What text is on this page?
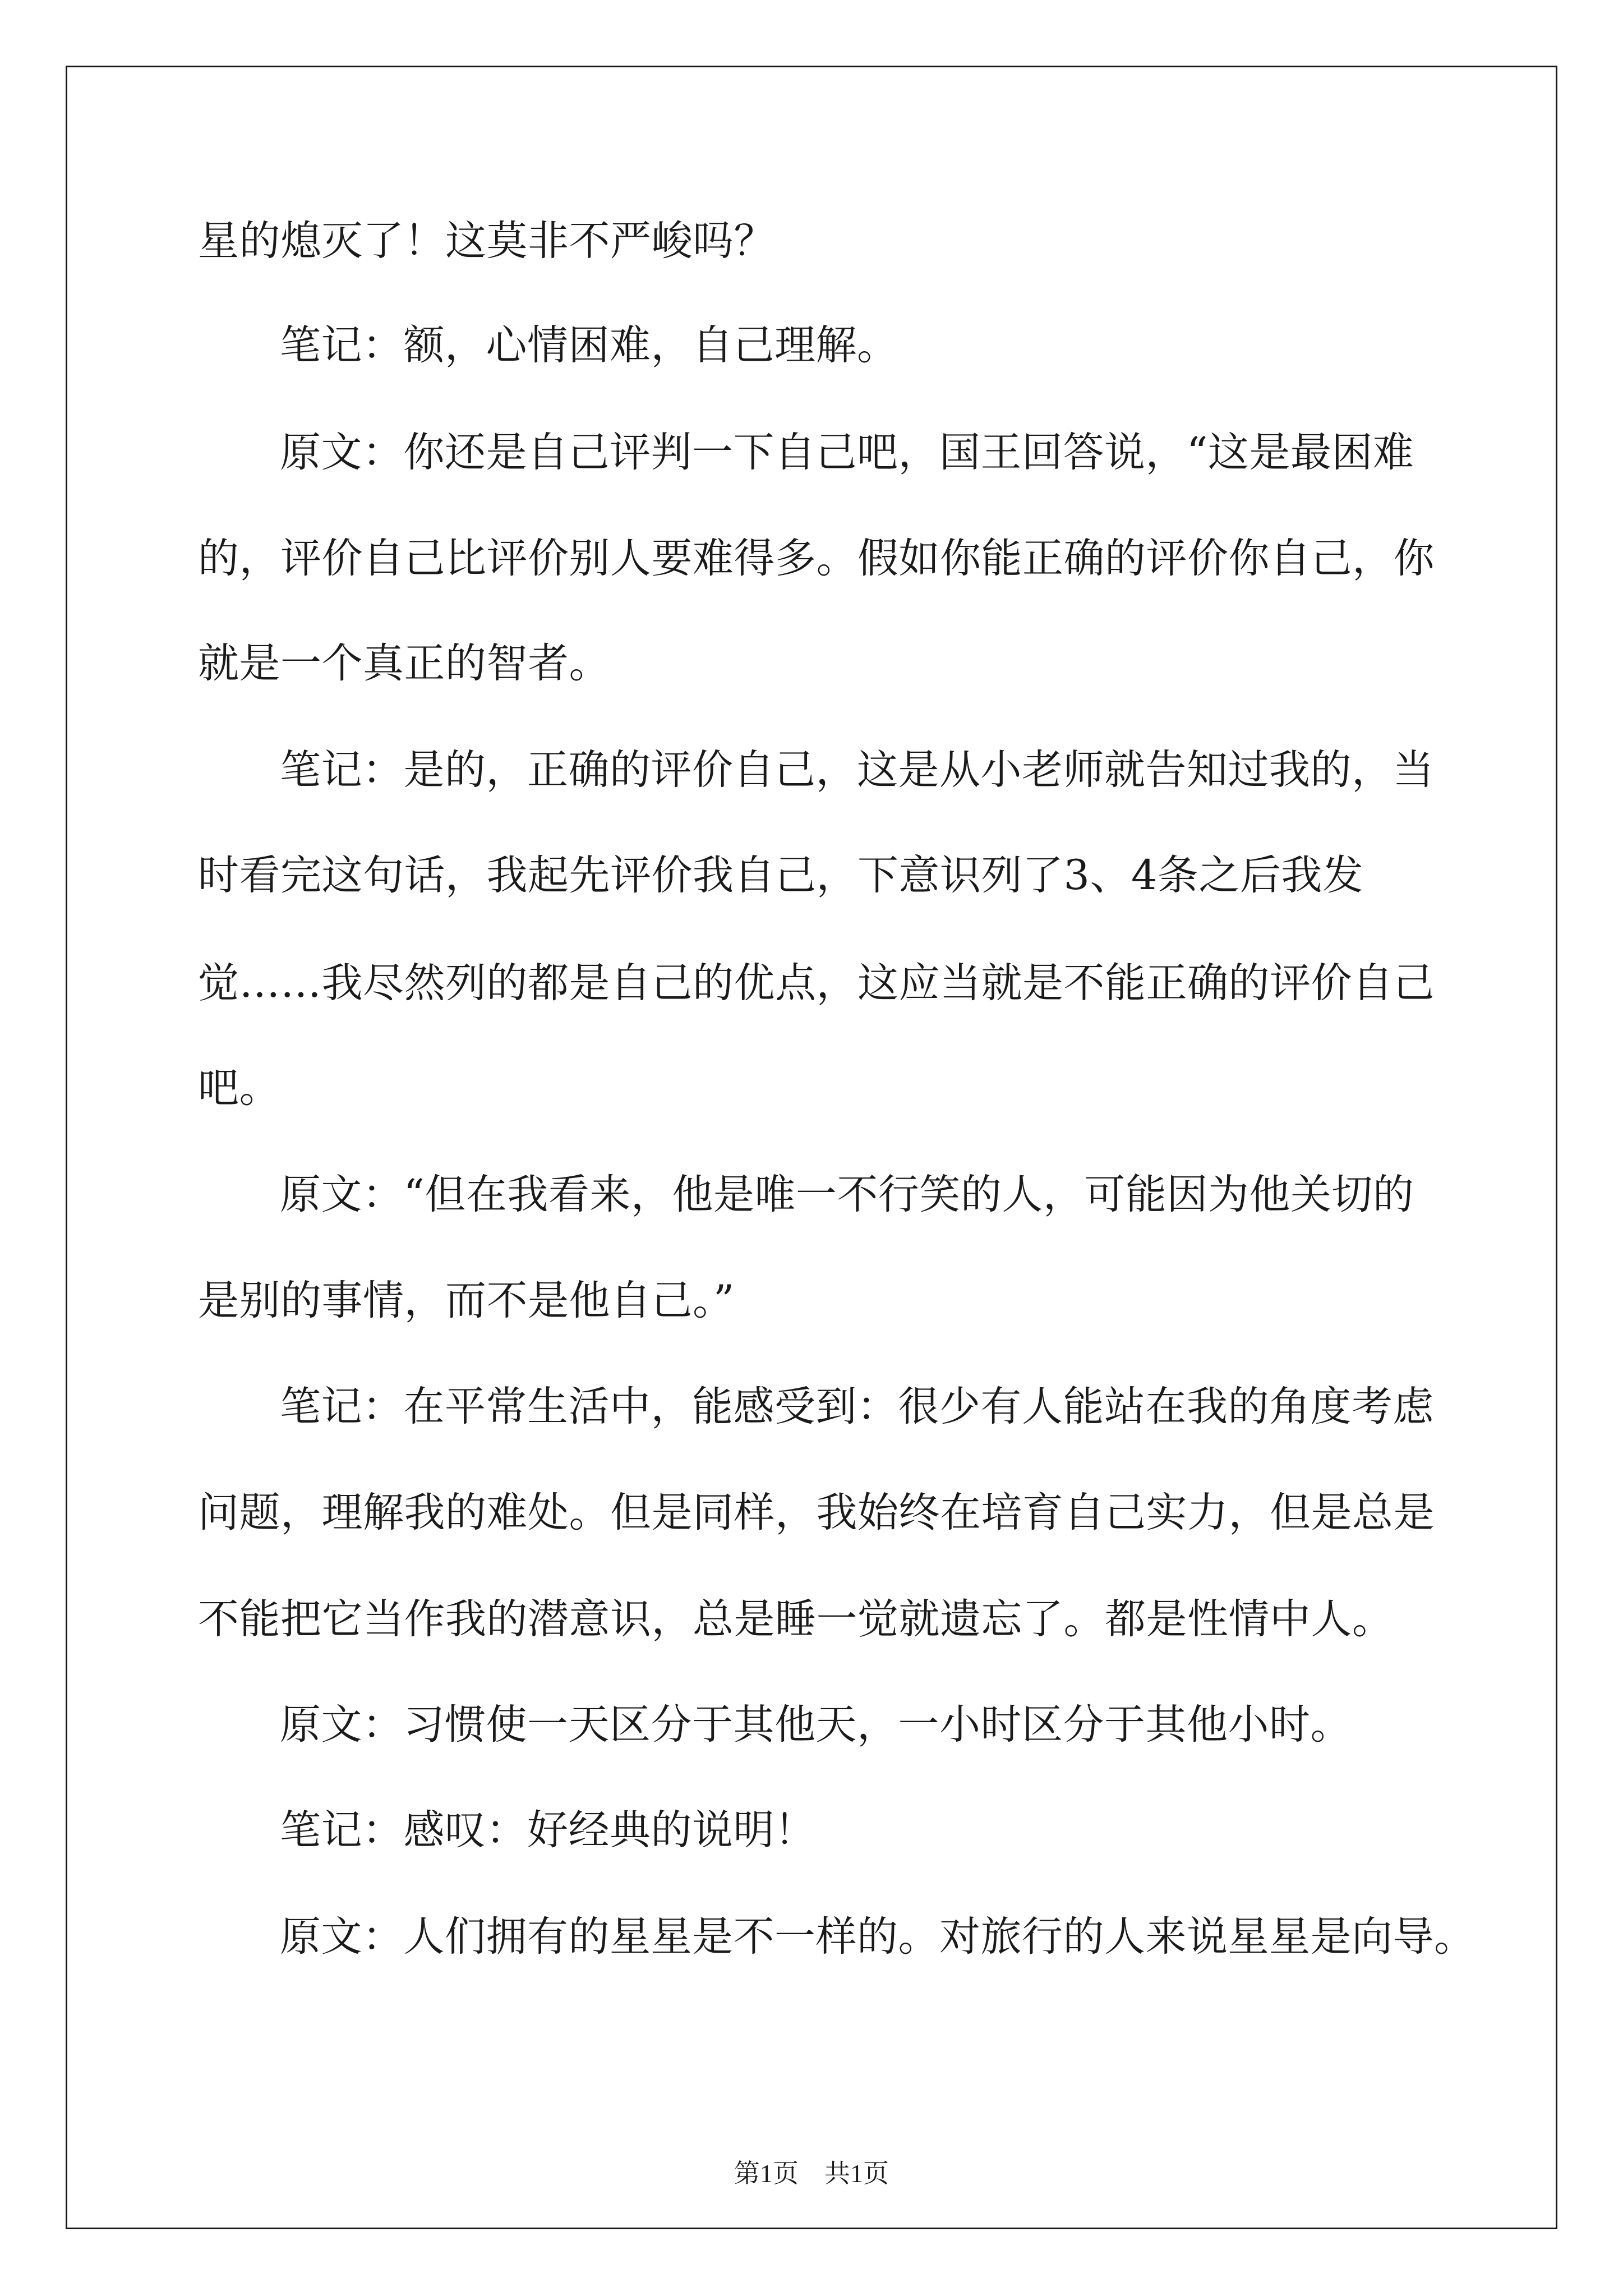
星的熄灭了！这莫非不严峻吗？
笔记：额，心情困难，自己理解。
原文：你还是自己评判一下自己吧，国王回答说，“这是最困难
的，评价自己比评价别人要难得多。假如你能正确的评价你自己，你
就是一个真正的智者。
笔记：是的，正确的评价自己，这是从小老师就告知过我的，当
时看完这句话，我起先评价我自己，下意识列了3、4条之后我发
觉……我尽然列的都是自己的优点，这应当就是不能正确的评价自己
吧。
原文：“但在我看来，他是唯一不行笑的人，可能因为他关切的
是别的事情，而不是他自己。”
笔记：在平常生活中，能感受到：很少有人能站在我的角度考虑
问题，理解我的难处。但是同样，我始终在培育自己实力，但是总是
不能把它当作我的潜意识，总是睡一觉就遗忘了。都是性情中人。
原文：习惯使一天区分于其他天，一小时区分于其他小时。
笔记：感叹：好经典的说明！
原文：人们拥有的星星是不一样的。对旅行的人来说星星是向导。
第1页    共1页
